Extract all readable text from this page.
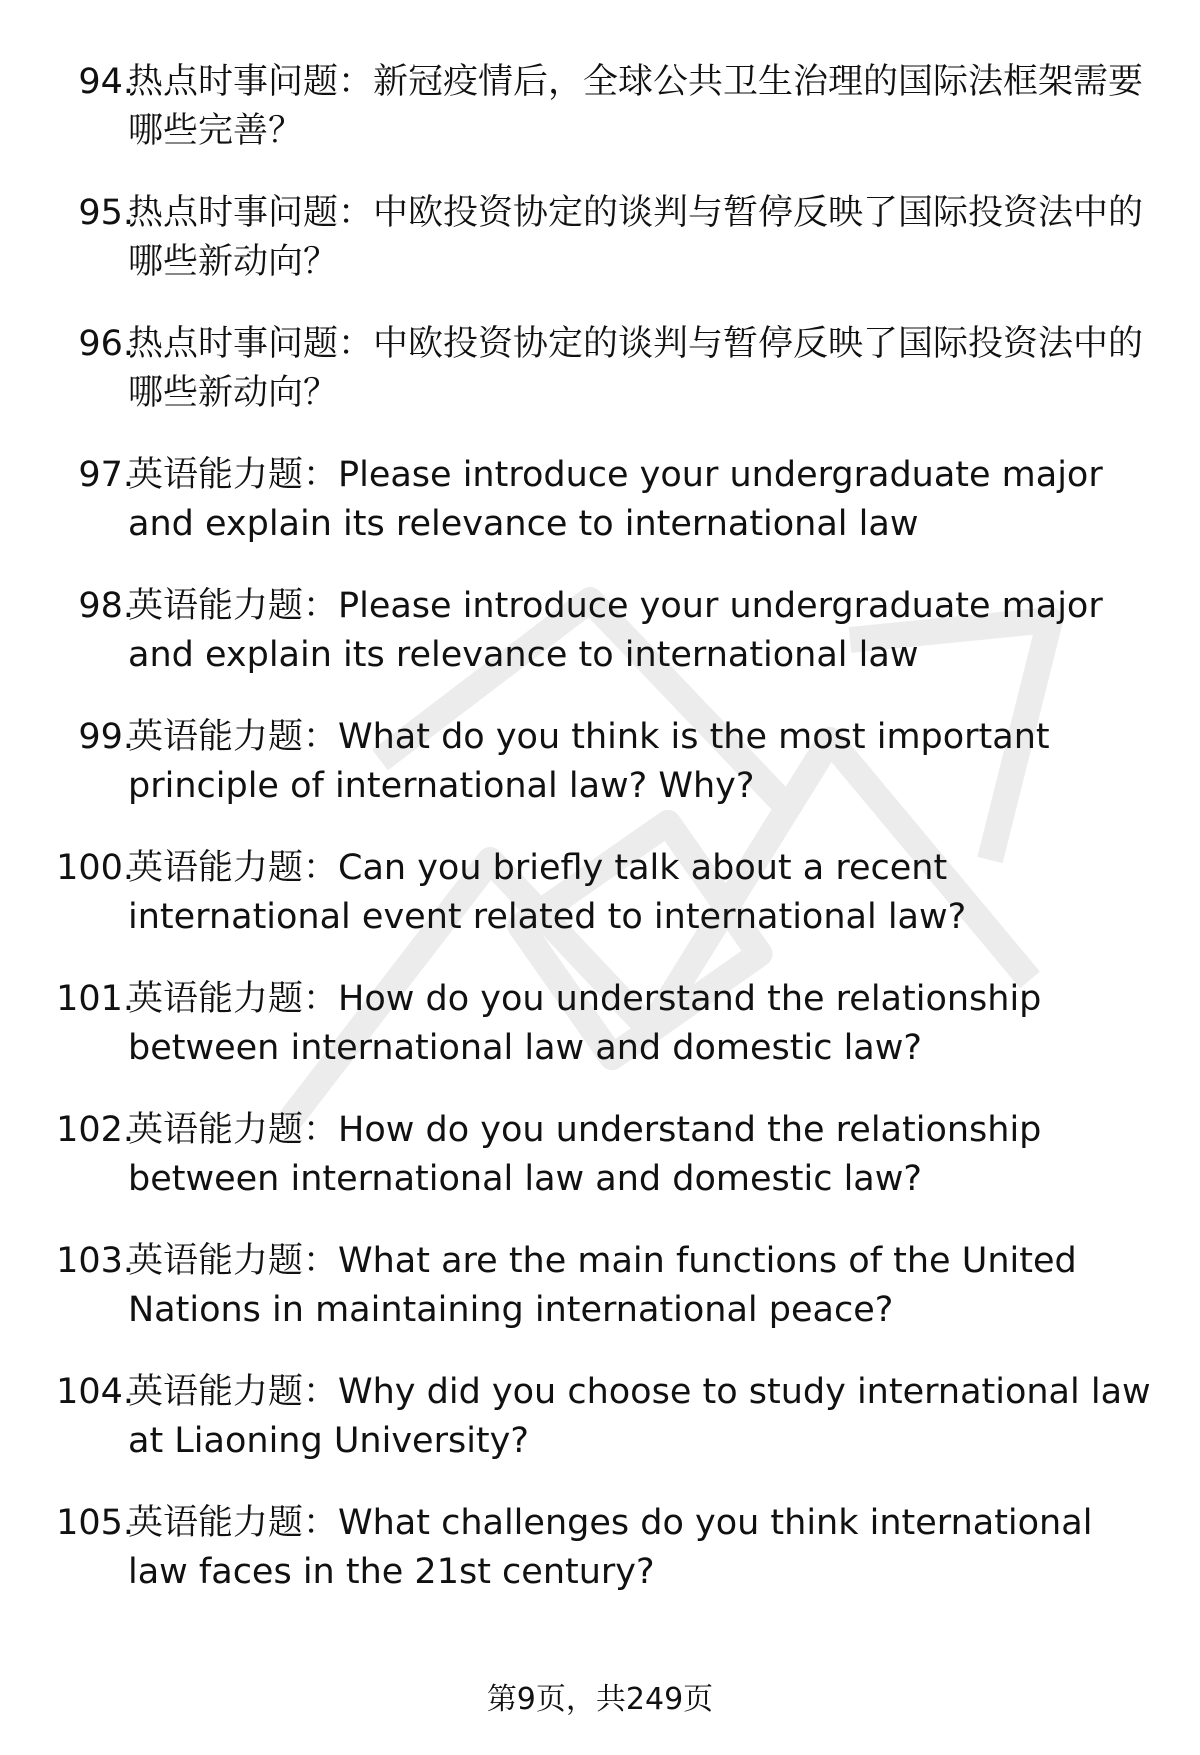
94.
热点时事问题：新冠疫情后，全球公共卫生治理的国际法框架需要哪些完善？
95.
热点时事问题：中欧投资协定的谈判与暂停反映了国际投资法中的哪些新动向？
96.
热点时事问题：中欧投资协定的谈判与暂停反映了国际投资法中的哪些新动向？
97.
英语能力题：Please introduce your undergraduate major and explain its relevance to international law
98.
英语能力题：Please introduce your undergraduate major and explain its relevance to international law
99.
英语能力题：What do you think is the most important principle of international law? Why?
100.
英语能力题：Can you briefly talk about a recent international event related to international law?
101.
英语能力题：How do you understand the relationship between international law and domestic law?
102.
英语能力题：How do you understand the relationship between international law and domestic law?
103.
英语能力题：What are the main functions of the United Nations in maintaining international peace?
104.
英语能力题：Why did you choose to study international law at Liaoning University?
105.
英语能力题：What challenges do you think international law faces in the 21st century?
第9页，共249页
